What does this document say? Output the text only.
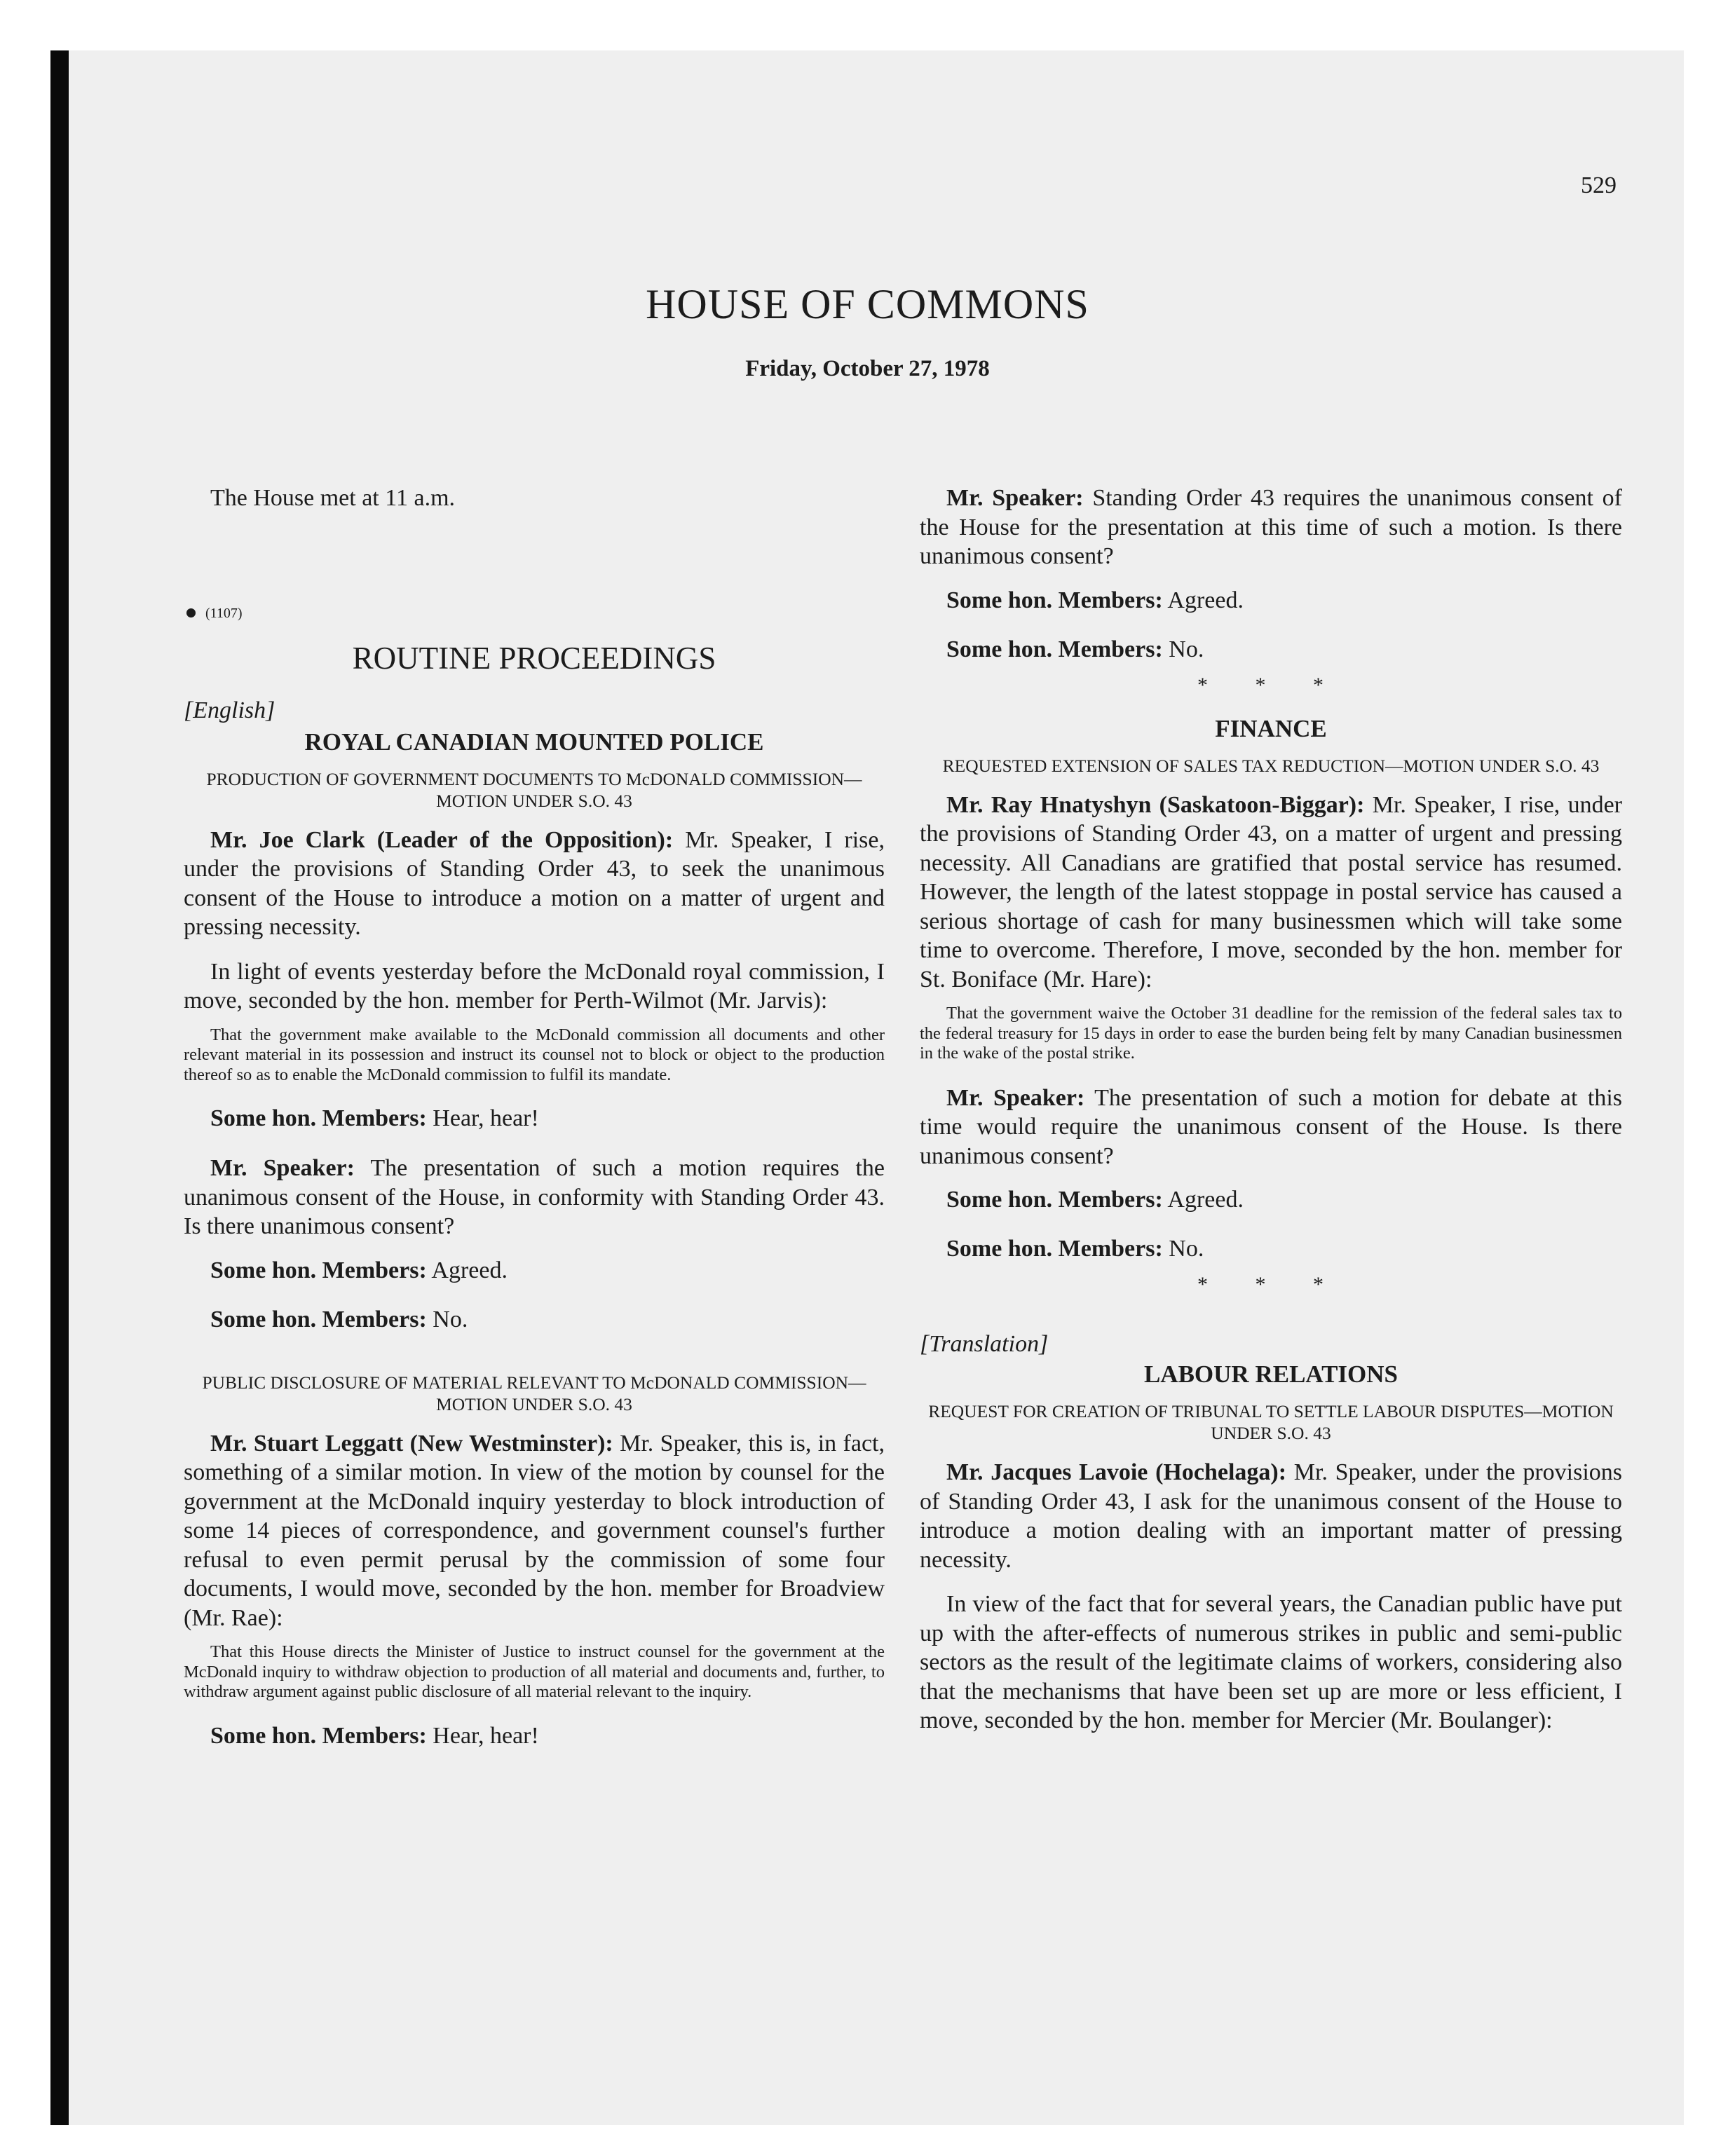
529
HOUSE OF COMMONS
Friday, October 27, 1978

The House met at 11 a.m.

(1107)
ROUTINE PROCEEDINGS
[English]
ROYAL CANADIAN MOUNTED POLICE
PRODUCTION OF GOVERNMENT DOCUMENTS TO McDONALD COMMISSION—MOTION UNDER S.O. 43

Mr. Joe Clark (Leader of the Opposition): Mr. Speaker, I rise, under the provisions of Standing Order 43, to seek the unanimous consent of the House to introduce a motion on a matter of urgent and pressing necessity.

In light of events yesterday before the McDonald royal commission, I move, seconded by the hon. member for Perth-Wilmot (Mr. Jarvis):

That the government make available to the McDonald commission all documents and other relevant material in its possession and instruct its counsel not to block or object to the production thereof so as to enable the McDonald commission to fulfil its mandate.

Some hon. Members: Hear, hear!

Mr. Speaker: The presentation of such a motion requires the unanimous consent of the House, in conformity with Standing Order 43. Is there unanimous consent?

Some hon. Members: Agreed.

Some hon. Members: No.

PUBLIC DISCLOSURE OF MATERIAL RELEVANT TO McDONALD COMMISSION—MOTION UNDER S.O. 43

Mr. Stuart Leggatt (New Westminster): Mr. Speaker, this is, in fact, something of a similar motion. In view of the motion by counsel for the government at the McDonald inquiry yesterday to block introduction of some 14 pieces of correspondence, and government counsel's further refusal to even permit perusal by the commission of some four documents, I would move, seconded by the hon. member for Broadview (Mr. Rae):

That this House directs the Minister of Justice to instruct counsel for the government at the McDonald inquiry to withdraw objection to production of all material and documents and, further, to withdraw argument against public disclosure of all material relevant to the inquiry.

Some hon. Members: Hear, hear!

Mr. Speaker: Standing Order 43 requires the unanimous consent of the House for the presentation at this time of such a motion. Is there unanimous consent?

Some hon. Members: Agreed.

Some hon. Members: No.

* * *
FINANCE
REQUESTED EXTENSION OF SALES TAX REDUCTION—MOTION UNDER S.O. 43

Mr. Ray Hnatyshyn (Saskatoon-Biggar): Mr. Speaker, I rise, under the provisions of Standing Order 43, on a matter of urgent and pressing necessity. All Canadians are gratified that postal service has resumed. However, the length of the latest stoppage in postal service has caused a serious shortage of cash for many businessmen which will take some time to overcome. Therefore, I move, seconded by the hon. member for St. Boniface (Mr. Hare):

That the government waive the October 31 deadline for the remission of the federal sales tax to the federal treasury for 15 days in order to ease the burden being felt by many Canadian businessmen in the wake of the postal strike.

Mr. Speaker: The presentation of such a motion for debate at this time would require the unanimous consent of the House. Is there unanimous consent?

Some hon. Members: Agreed.

Some hon. Members: No.

* * *
[Translation]
LABOUR RELATIONS
REQUEST FOR CREATION OF TRIBUNAL TO SETTLE LABOUR DISPUTES—MOTION UNDER S.O. 43

Mr. Jacques Lavoie (Hochelaga): Mr. Speaker, under the provisions of Standing Order 43, I ask for the unanimous consent of the House to introduce a motion dealing with an important matter of pressing necessity.

In view of the fact that for several years, the Canadian public have put up with the after-effects of numerous strikes in public and semi-public sectors as the result of the legitimate claims of workers, considering also that the mechanisms that have been set up are more or less efficient, I move, seconded by the hon. member for Mercier (Mr. Boulanger):
